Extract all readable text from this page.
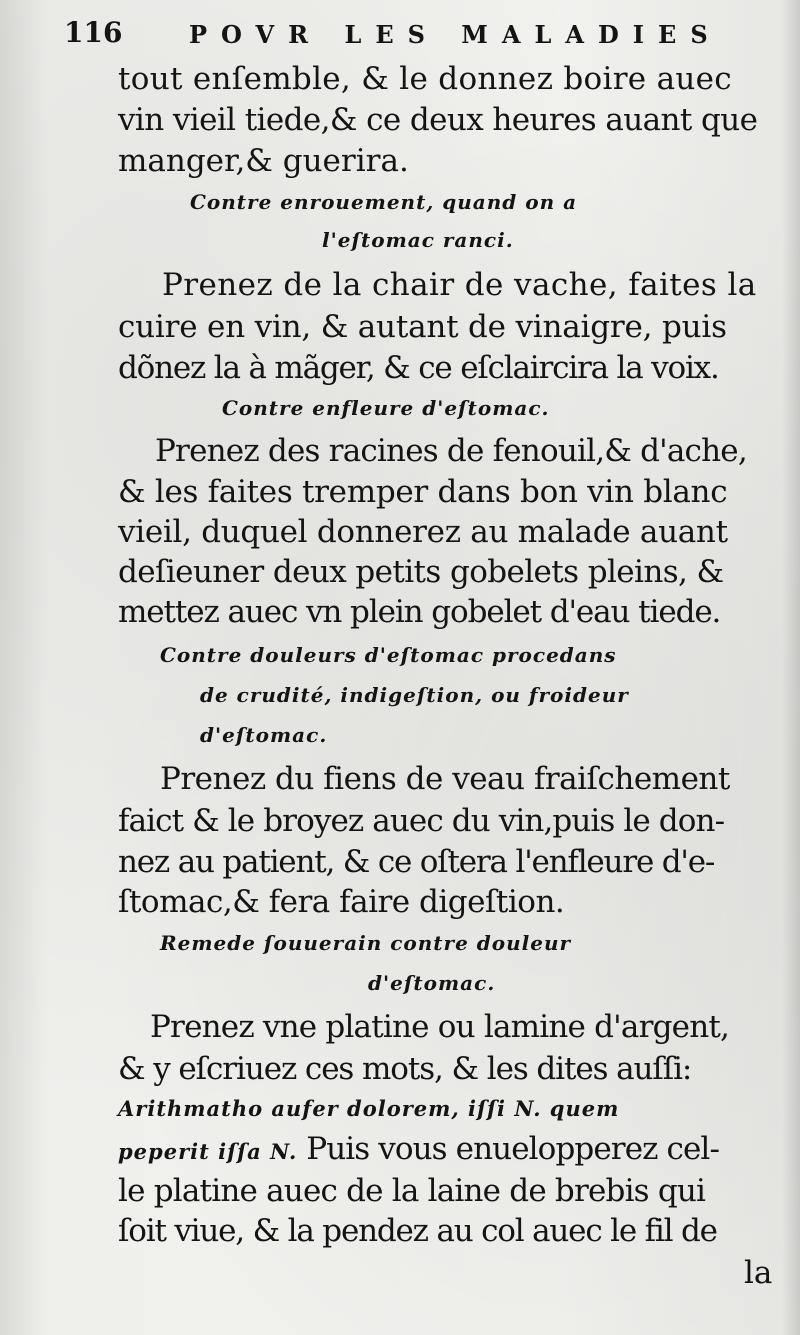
116	POVR LES MALADIES
tout enſemble, & le donnez boire auec
vin vieil tiede,& ce deux heures auant que
manger,& guerira.
Contre enrouement, quand on a
l'eſtomac ranci.
Prenez de la chair de vache, faites la
cuire en vin, & autant de vinaigre, puis
dõnez la à mãger, & ce eſclaircira la voix.
Contre enfleure d'eſtomac.
Prenez des racines de fenouil,& d'ache,
& les faites tremper dans bon vin blanc
vieil, duquel donnerez au malade auant
deſieuner deux petits gobelets pleins, &
mettez auec vn plein gobelet d'eau tiede.
Contre douleurs d'eſtomac procedans
de crudité, indigeſtion, ou froideur
d'eſtomac.
Prenez du fiens de veau fraiſchement
faict & le broyez auec du vin,puis le don-
nez au patient, & ce oſtera l'enfleure d'e-
ſtomac,& fera faire digeſtion.
Remede ſouuerain contre douleur
d'eſtomac.
Prenez vne platine ou lamine d'argent,
& y eſcriuez ces mots, & les dites auſſi:
Arithmatho aufer dolorem, iſſi N. quem
peperit iſſa N. Puis vous enuelopperez cel-
le platine auec de la laine de brebis qui
ſoit viue, & la pendez au col auec le fil de
la
